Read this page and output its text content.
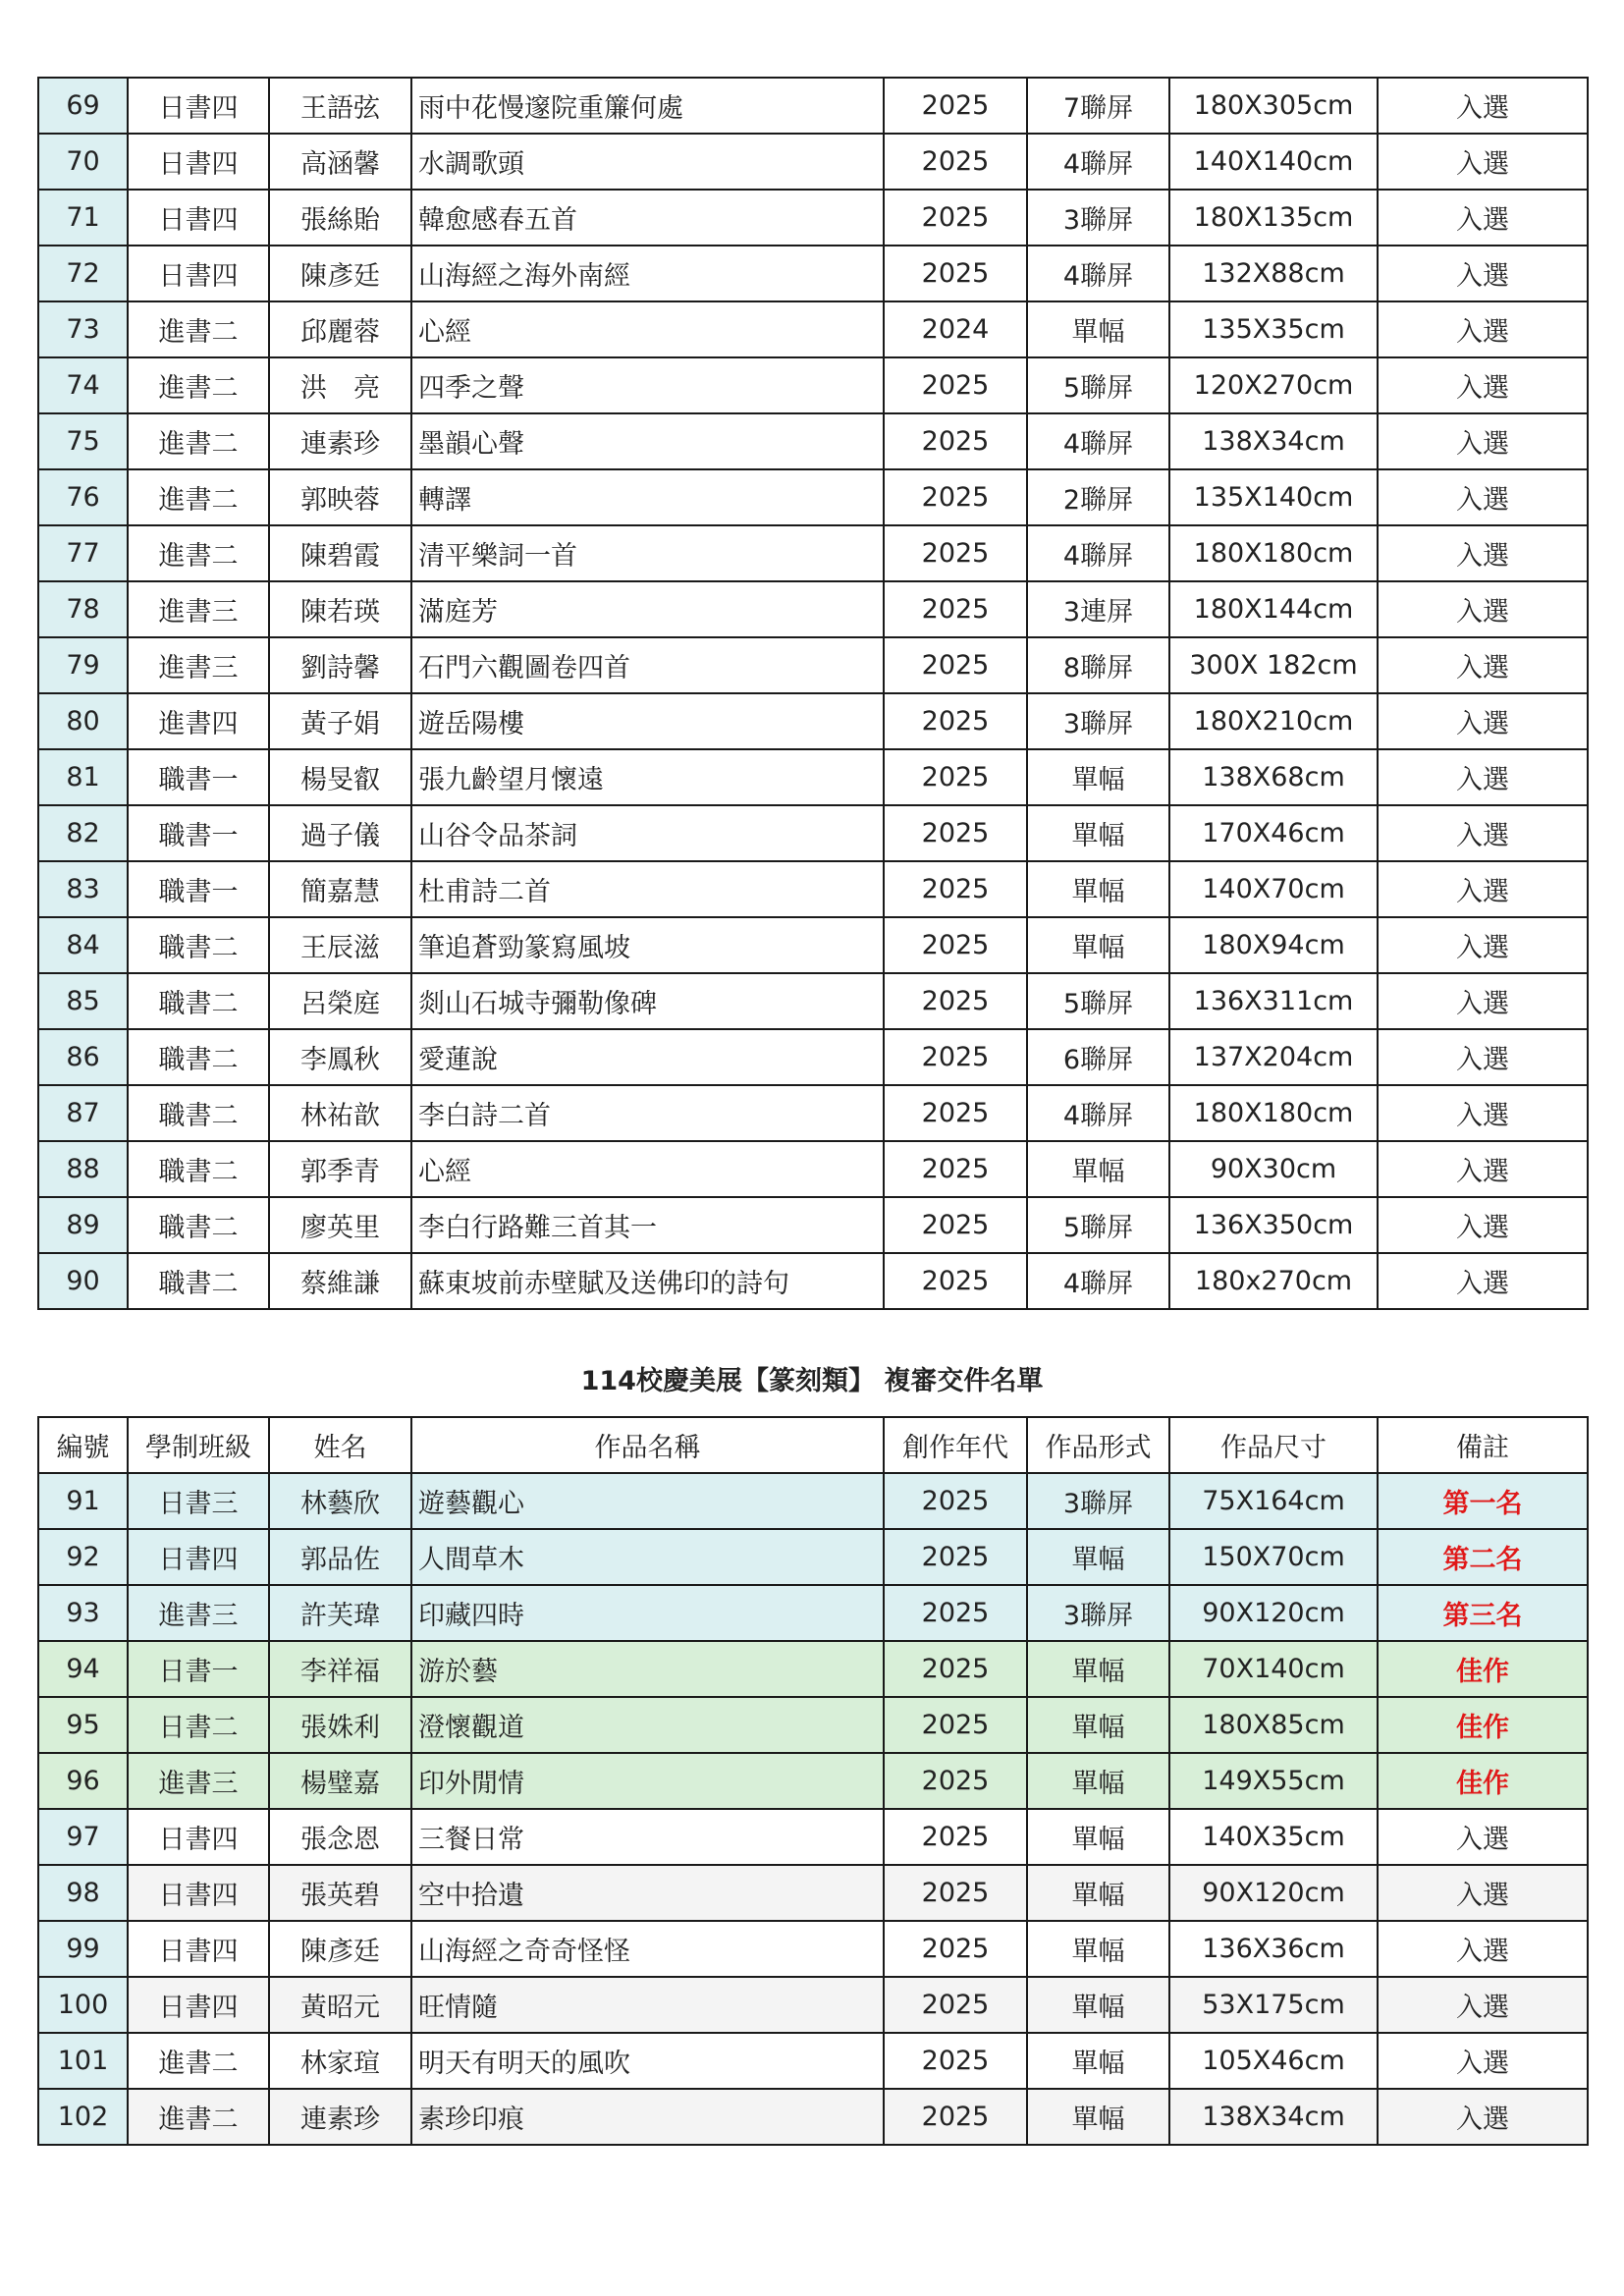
69	日書四	王語弦	雨中花慢邃院重簾何處	2025	7聯屏	180X305cm	入選
70	日書四	高涵馨	水調歌頭	2025	4聯屏	140X140cm	入選
71	日書四	張絲貽	韓愈感春五首	2025	3聯屏	180X135cm	入選
72	日書四	陳彥廷	山海經之海外南經	2025	4聯屏	132X88cm	入選
73	進書二	邱麗蓉	心經	2024	單幅	135X35cm	入選
74	進書二	洪　亮	四季之聲	2025	5聯屏	120X270cm	入選
75	進書二	連素珍	墨韻心聲	2025	4聯屏	138X34cm	入選
76	進書二	郭映蓉	轉譯	2025	2聯屏	135X140cm	入選
77	進書二	陳碧霞	清平樂詞一首	2025	4聯屏	180X180cm	入選
78	進書三	陳若瑛	滿庭芳	2025	3連屏	180X144cm	入選
79	進書三	劉詩馨	石門六觀圖卷四首	2025	8聯屏	300X 182cm	入選
80	進書四	黃子娟	遊岳陽樓	2025	3聯屏	180X210cm	入選
81	職書一	楊旻叡	張九齡望月懷遠	2025	單幅	138X68cm	入選
82	職書一	過子儀	山谷令品茶詞	2025	單幅	170X46cm	入選
83	職書一	簡嘉慧	杜甫詩二首	2025	單幅	140X70cm	入選
84	職書二	王辰滋	筆追蒼勁篆寫風坡	2025	單幅	180X94cm	入選
85	職書二	呂榮庭	剡山石城寺彌勒像碑	2025	5聯屏	136X311cm	入選
86	職書二	李鳳秋	愛蓮說	2025	6聯屏	137X204cm	入選
87	職書二	林祐歆	李白詩二首	2025	4聯屏	180X180cm	入選
88	職書二	郭季青	心經	2025	單幅	90X30cm	入選
89	職書二	廖英里	李白行路難三首其一	2025	5聯屏	136X350cm	入選
90	職書二	蔡維謙	蘇東坡前赤壁賦及送佛印的詩句	2025	4聯屏	180x270cm	入選
114校慶美展【篆刻類】 複審交件名單
編號	學制班級	姓名	作品名稱	創作年代	作品形式	作品尺寸	備註
91	日書三	林藝欣	遊藝觀心	2025	3聯屏	75X164cm	第一名
92	日書四	郭品佐	人間草木	2025	單幅	150X70cm	第二名
93	進書三	許芙瑋	印藏四時	2025	3聯屏	90X120cm	第三名
94	日書一	李祥福	游於藝	2025	單幅	70X140cm	佳作
95	日書二	張姝利	澄懷觀道	2025	單幅	180X85cm	佳作
96	進書三	楊璧嘉	印外閒情	2025	單幅	149X55cm	佳作
97	日書四	張念恩	三餐日常	2025	單幅	140X35cm	入選
98	日書四	張英碧	空中拾遺	2025	單幅	90X120cm	入選
99	日書四	陳彥廷	山海經之奇奇怪怪	2025	單幅	136X36cm	入選
100	日書四	黃昭元	旺情隨	2025	單幅	53X175cm	入選
101	進書二	林家瑄	明天有明天的風吹	2025	單幅	105X46cm	入選
102	進書二	連素珍	素珍印痕	2025	單幅	138X34cm	入選
